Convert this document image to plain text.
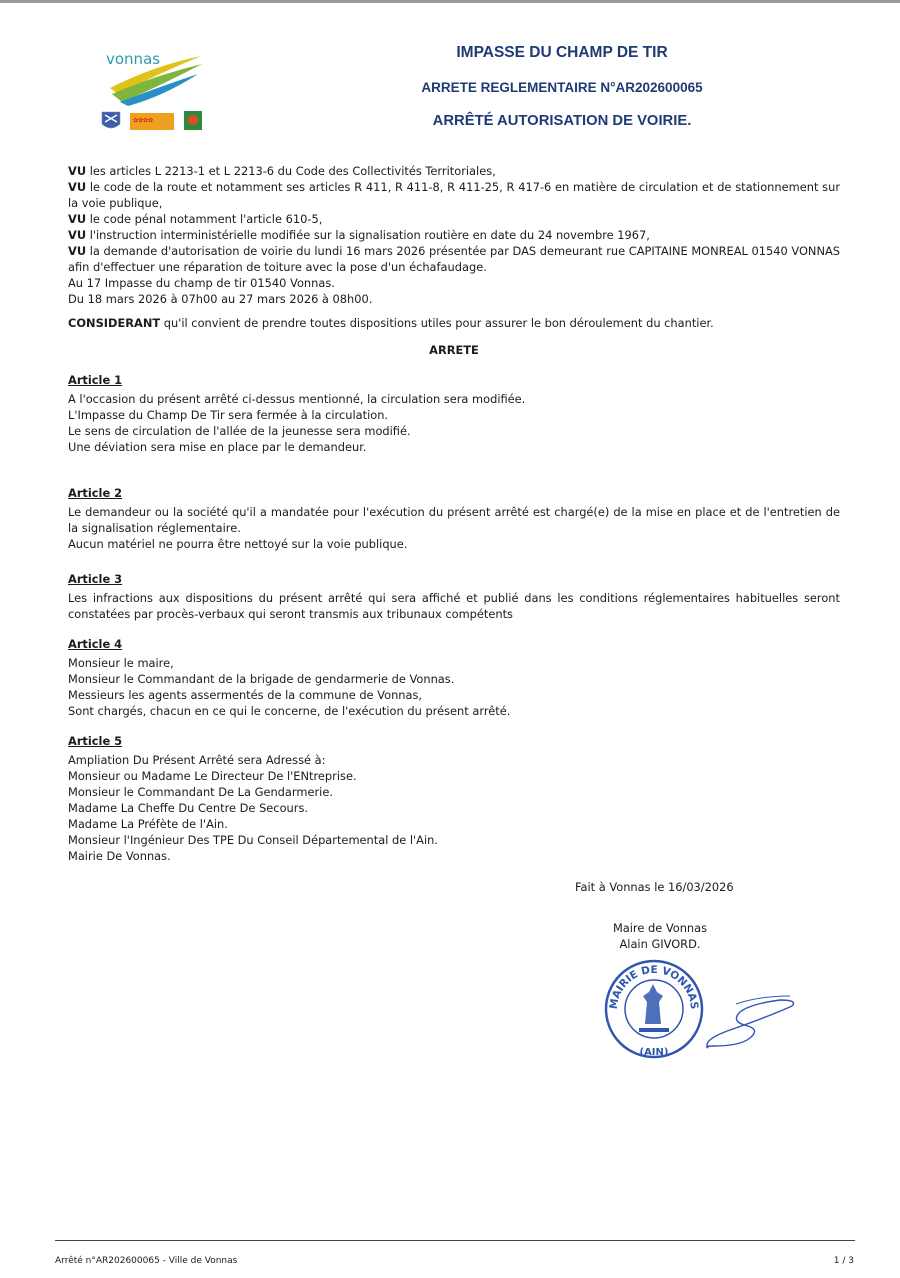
vonnas
✿✿✿✿
IMPASSE DU CHAMP DE TIR
ARRETE REGLEMENTAIRE N°AR202600065
ARRÊTÉ AUTORISATION DE VOIRIE.

VU les articles L 2213-1 et L 2213-6 du Code des Collectivités Territoriales,

VU le code de la route et notamment ses articles R 411, R 411-8, R 411-25, R 417-6 en matière de circulation et de stationnement sur la voie publique,

VU le code pénal notamment l'article 610-5,

VU l'instruction interministérielle modifiée sur la signalisation routière en date du 24 novembre 1967,

VU la demande d'autorisation de voirie du lundi 16 mars 2026 présentée par DAS demeurant rue CAPITAINE MONREAL 01540 VONNAS afin d'effectuer une réparation de toiture avec la pose d'un échafaudage.

Au 17 Impasse du champ de tir 01540 Vonnas.

Du 18 mars 2026 à 07h00 au 27 mars 2026 à 08h00.

CONSIDERANT qu'il convient de prendre toutes dispositions utiles pour assurer le bon déroulement du chantier.

ARRETE

Article 1

A l'occasion du présent arrêté ci-dessus mentionné, la circulation sera modifiée.

L'Impasse du Champ De Tir sera fermée à la circulation.

Le sens de circulation de l'allée de la jeunesse sera modifié.

Une déviation sera mise en place par le demandeur.

Article 2

Le demandeur ou la société qu'il a mandatée pour l'exécution du présent arrêté est chargé(e) de la mise en place et de l'entretien de la signalisation réglementaire.

Aucun matériel ne pourra être nettoyé sur la voie publique.

Article 3

Les infractions aux dispositions du présent arrêté qui sera affiché et publié dans les conditions réglementaires habituelles seront constatées par procès-verbaux qui seront transmis aux tribunaux compétents

Article 4

Monsieur le maire,

Monsieur le Commandant de la brigade de gendarmerie de Vonnas.

Messieurs les agents assermentés de la commune de Vonnas,

Sont chargés, chacun en ce qui le concerne, de l'exécution du présent arrêté.

Article 5

Ampliation Du Présent Arrêté sera Adressé à:

Monsieur ou Madame Le Directeur De l'ENtreprise.

Monsieur le Commandant De La Gendarmerie.

Madame La Cheffe Du Centre De Secours.

Madame La Préfète de l'Ain.

Monsieur l'Ingénieur Des TPE Du Conseil Départemental de l'Ain.

Mairie De Vonnas.

Fait à Vonnas le 16/03/2026
Maire de Vonnas
Alain GIVORD.
MAIRIE DE VONNAS
(AIN)
Arrêté n°AR202600065 - Ville de Vonnas	1 / 3
